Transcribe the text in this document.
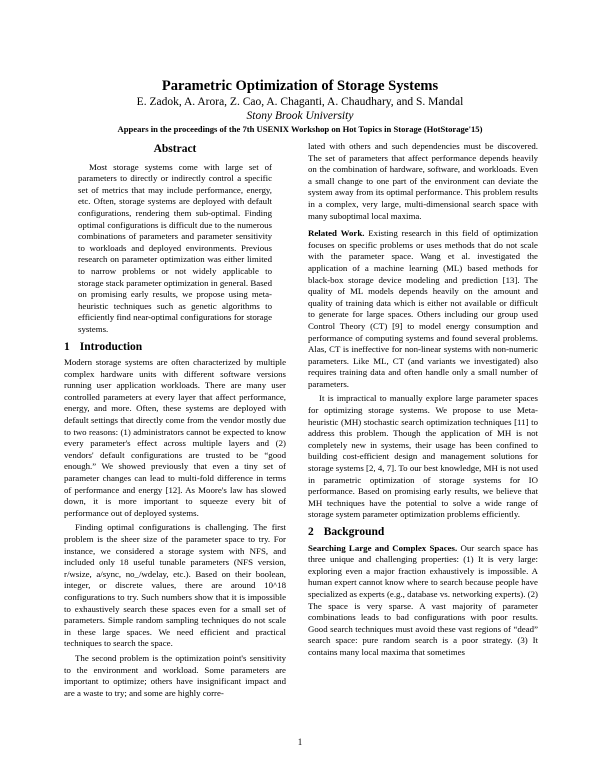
Parametric Optimization of Storage Systems
E. Zadok, A. Arora, Z. Cao, A. Chaganti, A. Chaudhary, and S. Mandal
Stony Brook University
Appears in the proceedings of the 7th USENIX Workshop on Hot Topics in Storage (HotStorage'15)
Abstract

Most storage systems come with large set of parameters to directly or indirectly control a specific set of metrics that may include performance, energy, etc. Often, storage systems are deployed with default configurations, rendering them sub-optimal. Finding optimal configurations is difficult due to the numerous combinations of parameters and parameter sensitivity to workloads and deployed environments. Previous research on parameter optimization was either limited to narrow problems or not widely applicable to storage stack parameter optimization in general. Based on promising early results, we propose using meta-heuristic techniques such as genetic algorithms to efficiently find near-optimal configurations for storage systems.

1 Introduction

Modern storage systems are often characterized by multiple complex hardware units with different software versions running user application workloads. There are many user controlled parameters at every layer that affect performance, energy, and more. Often, these systems are deployed with default settings that directly come from the vendor mostly due to two reasons: (1) administrators cannot be expected to know every parameter's effect across multiple layers and (2) vendors' default configurations are trusted to be “good enough.” We showed previously that even a tiny set of parameter changes can lead to multi-fold difference in terms of performance and energy [12]. As Moore's law has slowed down, it is more important to squeeze every bit of performance out of deployed systems.

Finding optimal configurations is challenging. The first problem is the sheer size of the parameter space to try. For instance, we considered a storage system with NFS, and included only 18 useful tunable parameters (NFS version, r/wsize, a/sync, no_/wdelay, etc.). Based on their boolean, integer, or discrete values, there are around 10^18 configurations to try. Such numbers show that it is impossible to exhaustively search these spaces even for a small set of parameters. Simple random sampling techniques do not scale in these large spaces. We need efficient and practical techniques to search the space.

The second problem is the optimization point's sensitivity to the environment and workload. Some parameters are important to optimize; others have insignificant impact and are a waste to try; and some are highly corre-

lated with others and such dependencies must be discovered. The set of parameters that affect performance depends heavily on the combination of hardware, software, and workloads. Even a small change to one part of the environment can deviate the system away from its optimal performance. This problem results in a complex, very large, multi-dimensional search space with many suboptimal local maxima.

Related Work. Existing research in this field of optimization focuses on specific problems or uses methods that do not scale with the parameter space. Wang et al. investigated the application of a machine learning (ML) based methods for black-box storage device modeling and prediction [13]. The quality of ML models depends heavily on the amount and quality of training data which is either not available or difficult to generate for large spaces. Others including our group used Control Theory (CT) [9] to model energy consumption and performance of computing systems and found several problems. Alas, CT is ineffective for non-linear systems with non-numeric parameters. Like ML, CT (and variants we investigated) also requires training data and often handle only a small number of parameters.

It is impractical to manually explore large parameter spaces for optimizing storage systems. We propose to use Meta-heuristic (MH) stochastic search optimization techniques [11] to address this problem. Though the application of MH is not completely new in systems, their usage has been confined to building cost-efficient design and management solutions for storage systems [2, 4, 7]. To our best knowledge, MH is not used in parametric optimization of storage systems for IO performance. Based on promising early results, we believe that MH techniques have the potential to solve a wide range of storage system parameter optimization problems efficiently.

2 Background

Searching Large and Complex Spaces. Our search space has three unique and challenging properties: (1) It is very large: exploring even a major fraction exhaustively is impossible. A human expert cannot know where to search because people have specialized as experts (e.g., database vs. networking experts). (2) The space is very sparse. A vast majority of parameter combinations leads to bad configurations with poor results. Good search techniques must avoid these vast regions of “dead” search space: pure random search is a poor strategy. (3) It contains many local maxima that sometimes

1
